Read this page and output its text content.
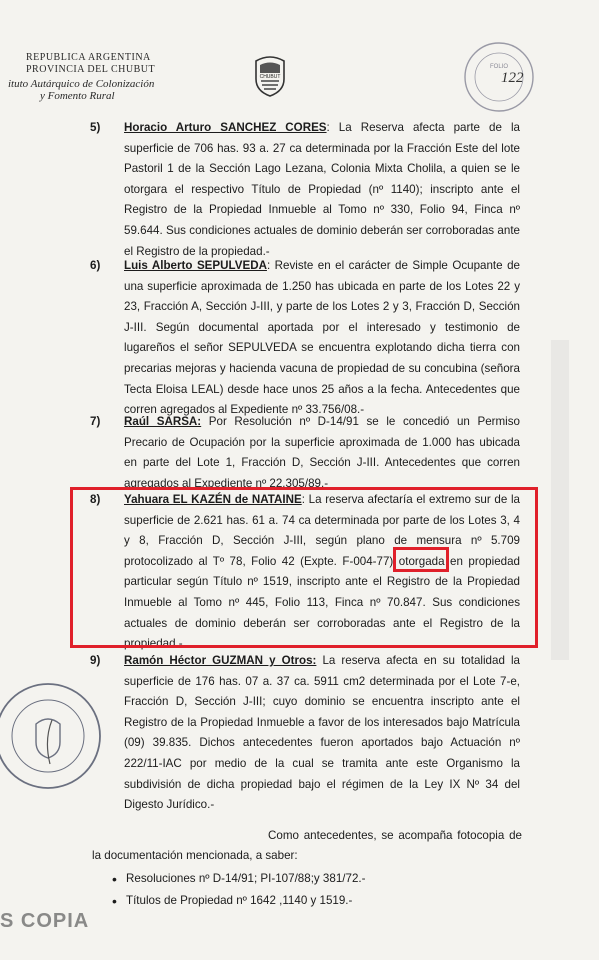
REPUBLICA ARGENTINA
PROVINCIA DEL CHUBUT
ituto Autárquico de Colonización
y Fomento Rural
CHUBUT
FOLIO
122
5) Horacio Arturo SANCHEZ CORES: La Reserva afecta parte de la superficie de 706 has. 93 a. 27 ca determinada por la Fracción Este del lote Pastoril 1 de la Sección Lago Lezana, Colonia Mixta Cholila, a quien se le otorgara el respectivo Título de Propiedad (nº 1140); inscripto ante el Registro de la Propiedad Inmueble al Tomo nº 330, Folio 94, Finca nº 59.644. Sus condiciones actuales de dominio deberán ser corroboradas ante el Registro de la propiedad.-
6) Luis Alberto SEPULVEDA: Reviste en el carácter de Simple Ocupante de una superficie aproximada de 1.250 has ubicada en parte de los Lotes 22 y 23, Fracción A, Sección J-III, y parte de los Lotes 2 y 3, Fracción D, Sección J-III. Según documental aportada por el interesado y testimonio de lugareños el señor SEPULVEDA se encuentra explotando dicha tierra con precarias mejoras y hacienda vacuna de propiedad de su concubina (señora Tecta Eloisa LEAL) desde hace unos 25 años a la fecha. Antecedentes que corren agregados al Expediente nº 33.756/08.-
7) Raúl SARSA: Por Resolución nº D-14/91 se le concedió un Permiso Precario de Ocupación por la superficie aproximada de 1.000 has ubicada en parte del Lote 1, Fracción D, Sección J-III. Antecedentes que corren agregados al Expediente nº 22.305/89.-
8) Yahuara EL KAZÉN de NATAINE: La reserva afectaría el extremo sur de la superficie de 2.621 has. 61 a. 74 ca determinada por parte de los Lotes 3, 4 y 8, Fracción D, Sección J-III, según plano de mensura nº 5.709 protocolizado al Tº 78, Folio 42 (Expte. F-004-77) otorgada en propiedad particular según Título nº 1519, inscripto ante el Registro de la Propiedad Inmueble al Tomo nº 445, Folio 113, Finca nº 70.847. Sus condiciones actuales de dominio deberán ser corroboradas ante el Registro de la propiedad.-
9) Ramón Héctor GUZMAN y Otros: La reserva afecta en su totalidad la superficie de 176 has. 07 a. 37 ca. 5911 cm2 determinada por el Lote 7-e, Fracción D, Sección J-III; cuyo dominio se encuentra inscripto ante el Registro de la Propiedad Inmueble a favor de los interesados bajo Matrícula (09) 39.835. Dichos antecedentes fueron aportados bajo Actuación nº 222/11-IAC por medio de la cual se tramita ante este Organismo la subdivisión de dicha propiedad bajo el régimen de la Ley IX Nº 34 del Digesto Jurídico.-
Como antecedentes, se acompaña fotocopia de la documentación mencionada, a saber:
• Resoluciones nº D-14/91; PI-107/88;y 381/72.-
• Títulos de Propiedad nº 1642 ,1140 y 1519.-
S COPIA
